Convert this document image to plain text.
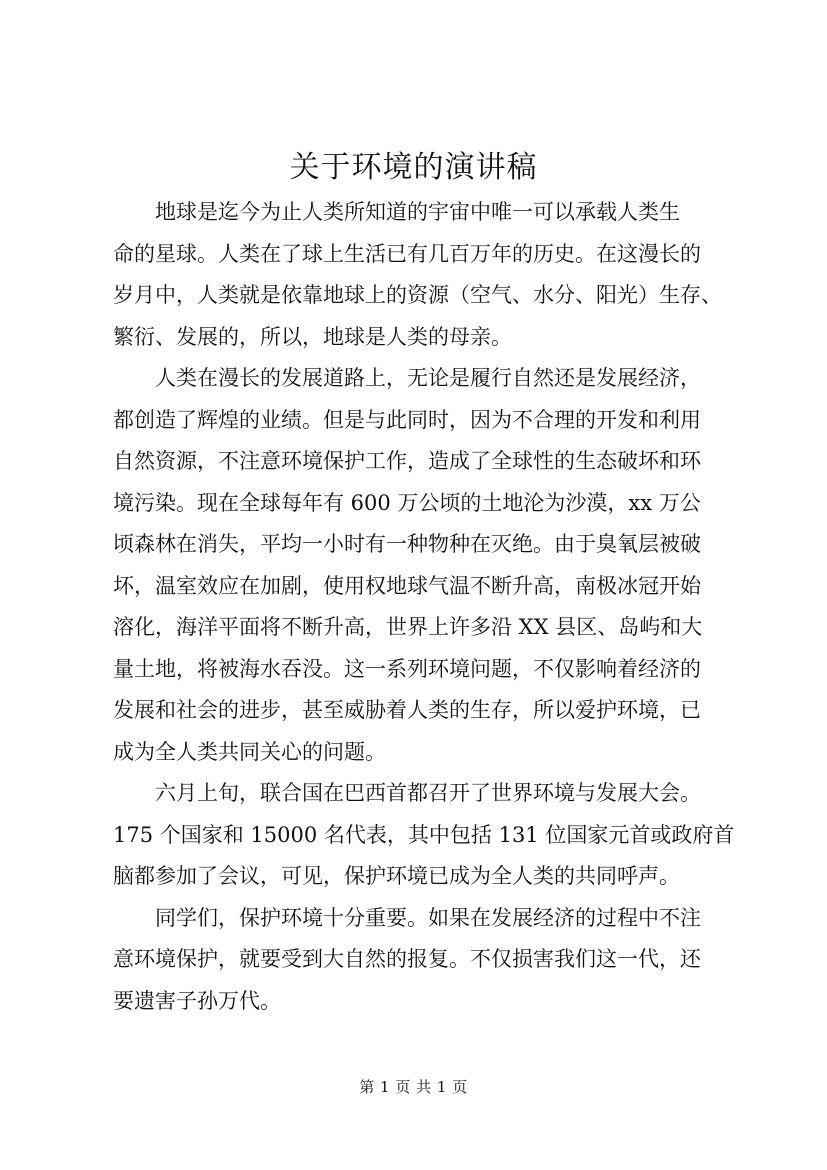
关于环境的演讲稿
地球是迄今为止人类所知道的宇宙中唯一可以承载人类生
命的星球。人类在了球上生活已有几百万年的历史。在这漫长的
岁月中，人类就是依靠地球上的资源（空气、水分、阳光）生存、
繁衍、发展的，所以，地球是人类的母亲。
人类在漫长的发展道路上，无论是履行自然还是发展经济，
都创造了辉煌的业绩。但是与此同时，因为不合理的开发和利用
自然资源，不注意环境保护工作，造成了全球性的生态破坏和环
境污染。现在全球每年有 600 万公顷的土地沦为沙漠，xx 万公
顷森林在消失，平均一小时有一种物种在灭绝。由于臭氧层被破
坏，温室效应在加剧，使用权地球气温不断升高，南极冰冠开始
溶化，海洋平面将不断升高，世界上许多沿 XX 县区、岛屿和大
量土地，将被海水吞没。这一系列环境问题，不仅影响着经济的
发展和社会的进步，甚至威胁着人类的生存，所以爱护环境，已
成为全人类共同关心的问题。
六月上旬，联合国在巴西首都召开了世界环境与发展大会。
175 个国家和 15000 名代表，其中包括 131 位国家元首或政府首
脑都参加了会议，可见，保护环境已成为全人类的共同呼声。
同学们，保护环境十分重要。如果在发展经济的过程中不注
意环境保护，就要受到大自然的报复。不仅损害我们这一代，还
要遗害子孙万代。
第 1 页 共 1 页
